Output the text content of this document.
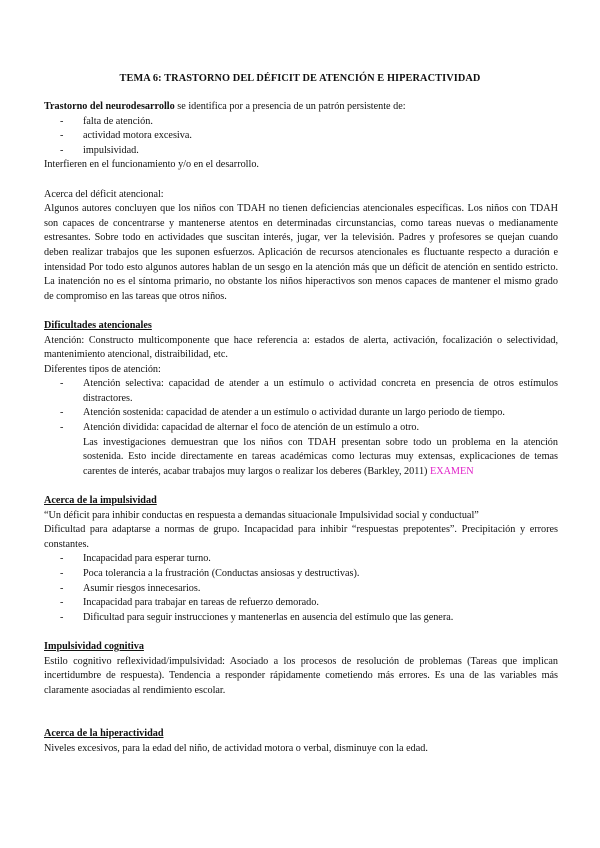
TEMA 6: TRASTORNO DEL DÉFICIT DE ATENCIÓN E HIPERACTIVIDAD

Trastorno del neurodesarrollo se identifica por a presencia de un patrón persistente de:

- falta de atención.
- actividad motora excesiva.
- impulsividad.

Interfieren en el funcionamiento y/o en el desarrollo.

Acerca del déficit atencional:

Algunos autores concluyen que los niños con TDAH no tienen deficiencias atencionales específicas. Los niños con TDAH son capaces de concentrarse y mantenerse atentos en determinadas circunstancias, como tareas nuevas o medianamente estresantes. Sobre todo en actividades que suscitan interés, jugar, ver la televisión. Padres y profesores se quejan cuando deben realizar trabajos que les suponen esfuerzos. Aplicación de recursos atencionales es fluctuante respecto a duración e intensidad Por todo esto algunos autores hablan de un sesgo en la atención más que un déficit de atención en sentido estricto. La inatención no es el síntoma primario, no obstante los niños hiperactivos son menos capaces de mantener el mismo grado de compromiso en las tareas que otros niños.

Dificultades atencionales

Atención: Constructo multicomponente que hace referencia a: estados de alerta, activación, focalización o selectividad, mantenimiento atencional, distraibilidad, etc.

Diferentes tipos de atención:

- Atención selectiva: capacidad de atender a un estímulo o actividad concreta en presencia de otros estímulos distractores.
- Atención sostenida: capacidad de atender a un estímulo o actividad durante un largo periodo de tiempo.
- Atención dividida: capacidad de alternar el foco de atención de un estímulo a otro.

Las investigaciones demuestran que los niños con TDAH presentan sobre todo un problema en la atención sostenida. Esto incide directamente en tareas académicas como lecturas muy extensas, explicaciones de temas carentes de interés, acabar trabajos muy largos o realizar los deberes (Barkley, 2011) EXAMEN

Acerca de la impulsividad

“Un déficit para inhibir conductas en respuesta a demandas situacionale Impulsividad social y conductual”

Dificultad para adaptarse a normas de grupo. Incapacidad para inhibir “respuestas prepotentes”. Precipitación y errores constantes.

- Incapacidad para esperar turno.
- Poca tolerancia a la frustración (Conductas ansiosas y destructivas).
- Asumir riesgos innecesarios.
- Incapacidad para trabajar en tareas de refuerzo demorado.
- Dificultad para seguir instrucciones y mantenerlas en ausencia del estímulo que las genera.

Impulsividad cognitiva

Estilo cognitivo reflexividad/impulsividad: Asociado a los procesos de resolución de problemas (Tareas que implican incertidumbre de respuesta). Tendencia a responder rápidamente cometiendo más errores. Es una de las variables más claramente asociadas al rendimiento escolar.

Acerca de la hiperactividad

Niveles excesivos, para la edad del niño, de actividad motora o verbal, disminuye con la edad.
